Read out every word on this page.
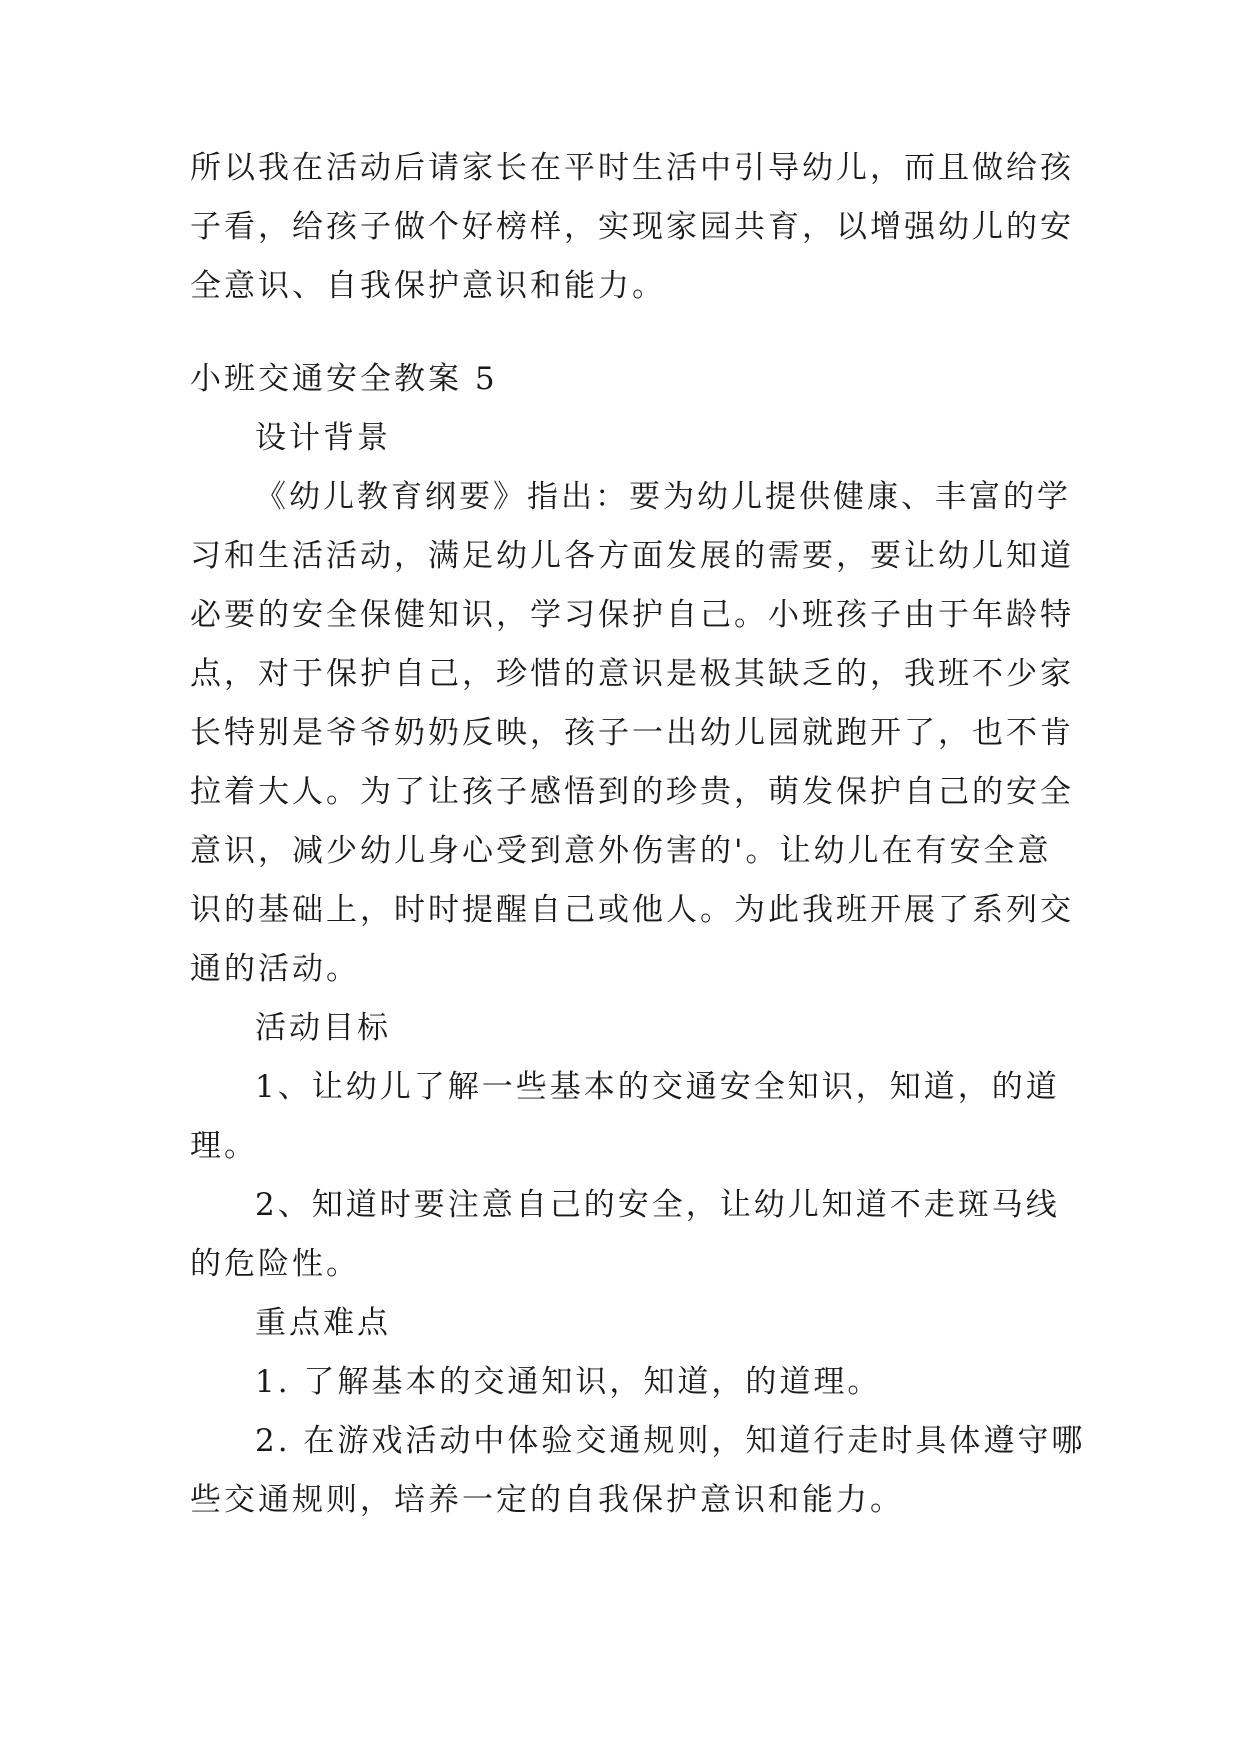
所以我在活动后请家长在平时生活中引导幼儿，而且做给孩

子看，给孩子做个好榜样，实现家园共育，以增强幼儿的安

全意识、自我保护意识和能力。

小班交通安全教案 5

设计背景

《幼儿教育纲要》指出：要为幼儿提供健康、丰富的学

习和生活活动，满足幼儿各方面发展的需要，要让幼儿知道

必要的安全保健知识，学习保护自己。小班孩子由于年龄特

点，对于保护自己，珍惜的意识是极其缺乏的，我班不少家

长特别是爷爷奶奶反映，孩子一出幼儿园就跑开了，也不肯

拉着大人。为了让孩子感悟到的珍贵，萌发保护自己的安全

意识，减少幼儿身心受到意外伤害的'。让幼儿在有安全意

识的基础上，时时提醒自己或他人。为此我班开展了系列交

通的活动。

活动目标

1、让幼儿了解一些基本的交通安全知识，知道，的道

理。

2、知道时要注意自己的安全，让幼儿知道不走斑马线

的危险性。

重点难点

1. 了解基本的交通知识，知道，的道理。

2. 在游戏活动中体验交通规则，知道行走时具体遵守哪

些交通规则，培养一定的自我保护意识和能力。
